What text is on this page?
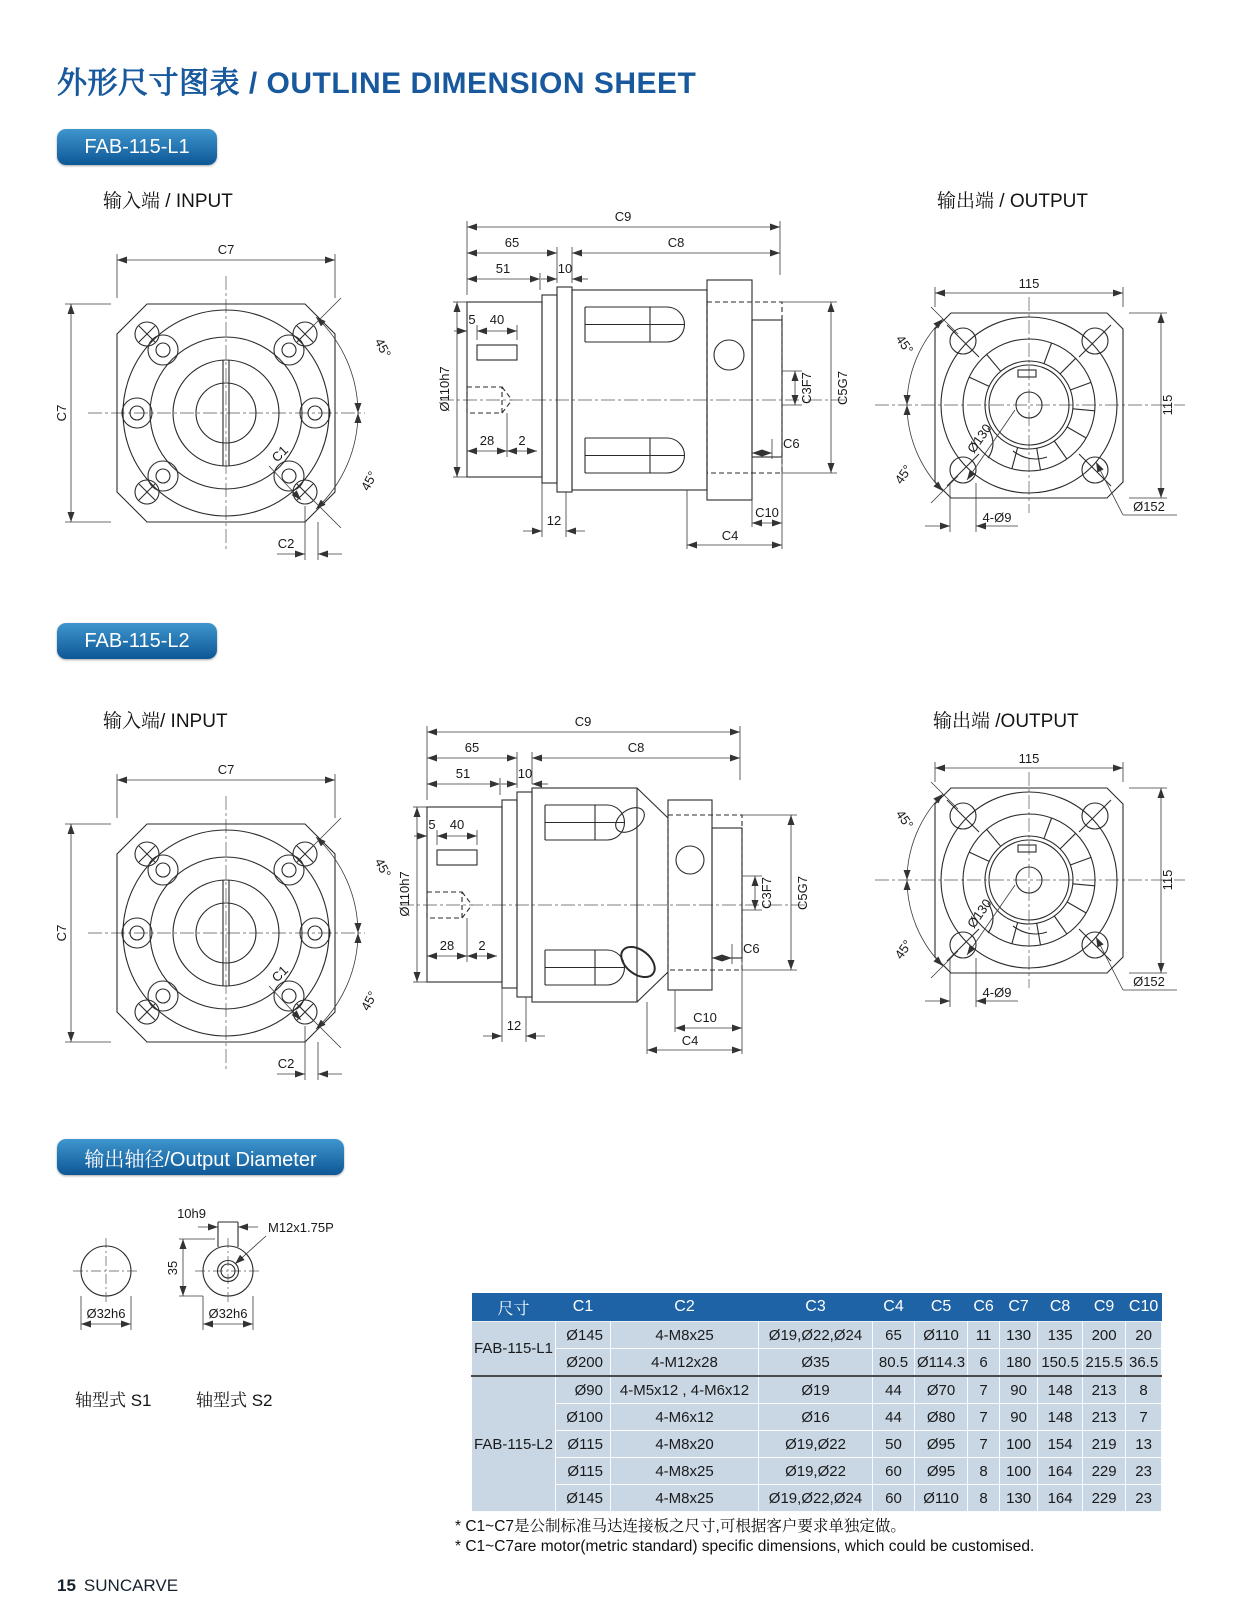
外形尺寸图表 / OUTLINE DIMENSION SHEET
FAB-115-L1
输入端 / INPUT	输出端 / OUTPUT
C7
C7
C1
C2
45°
45°
C9
65	C8
51	10
5 40
Ø110h7
28 2
12
C3F7 C5G7
C6
C10
C4
115
115
45°
45°
Ø130
4-Ø9
Ø152
FAB-115-L2
输入端/ INPUT	输出端 /OUTPUT
C7
C7
C1
C2
45°
45°
C9
65	C8
51	10
5 40
Ø110h7
28 2
12
C3F7 C5G7
C6
C10
C4
115
115
45°
45°
Ø130
4-Ø9
Ø152
输出轴径/Output Diameter
10h9
35
M12x1.75P
Ø32h6	Ø32h6
轴型式 S1	轴型式 S2
尺寸	C1	C2	C3	C4	C5	C6	C7	C8	C9	C10
FAB-115-L1	Ø145	4-M8x25	Ø19,Ø22,Ø24	65	Ø110	11	130	135	200	20
	Ø200	4-M12x28	Ø35	80.5	Ø114.3	6	180	150.5	215.5	36.5
FAB-115-L2	Ø90	4-M5x12 , 4-M6x12	Ø19	44	Ø70	7	90	148	213	8
	Ø100	4-M6x12	Ø16	44	Ø80	7	90	148	213	7
	Ø115	4-M8x20	Ø19,Ø22	50	Ø95	7	100	154	219	13
	Ø115	4-M8x25	Ø19,Ø22	60	Ø95	8	100	164	229	23
	Ø145	4-M8x25	Ø19,Ø22,Ø24	60	Ø110	8	130	164	229	23
* C1~C7是公制标准马达连接板之尺寸,可根据客户要求单独定做。
* C1~C7are motor(metric standard) specific dimensions, which could be customised.
15 SUNCARVE
